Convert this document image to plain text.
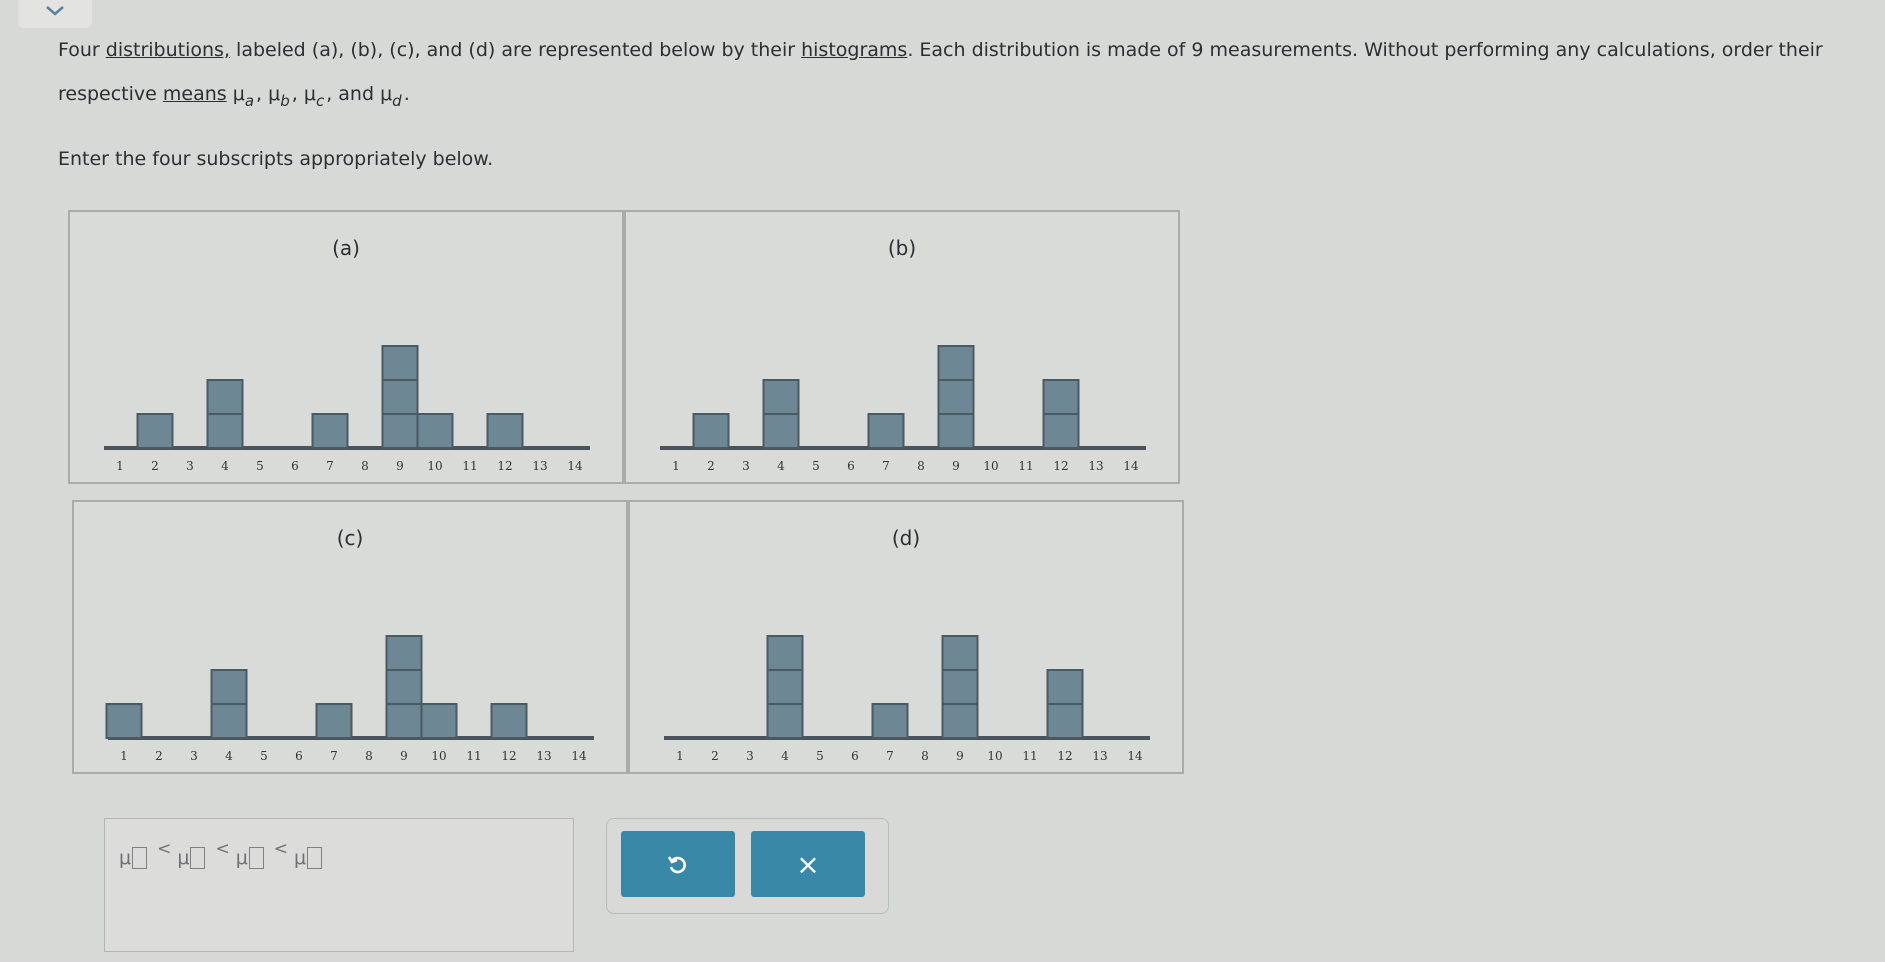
Four distributions, labeled (a), (b), (c), and (d) are represented below by their histograms. Each distribution is made of 9 measurements. Without performing any calculations, order their respective means $\mu_a$ , $\mu_b$ , $\mu_c$ , and $\mu_d$ .
Enter the four subscripts appropriately below.
(a)
1 2 3 4 5 6 7 8 9 10 11 12 13 14
(b)
1 2 3 4 5 6 7 8 9 10 11 12 13 14
(c)
1 2 3 4 5 6 7 8 9 10 11 12 13 14
(d)
1 2 3 4 5 6 7 8 9 10 11 12 13 14
μ < μ < μ < μ	×
